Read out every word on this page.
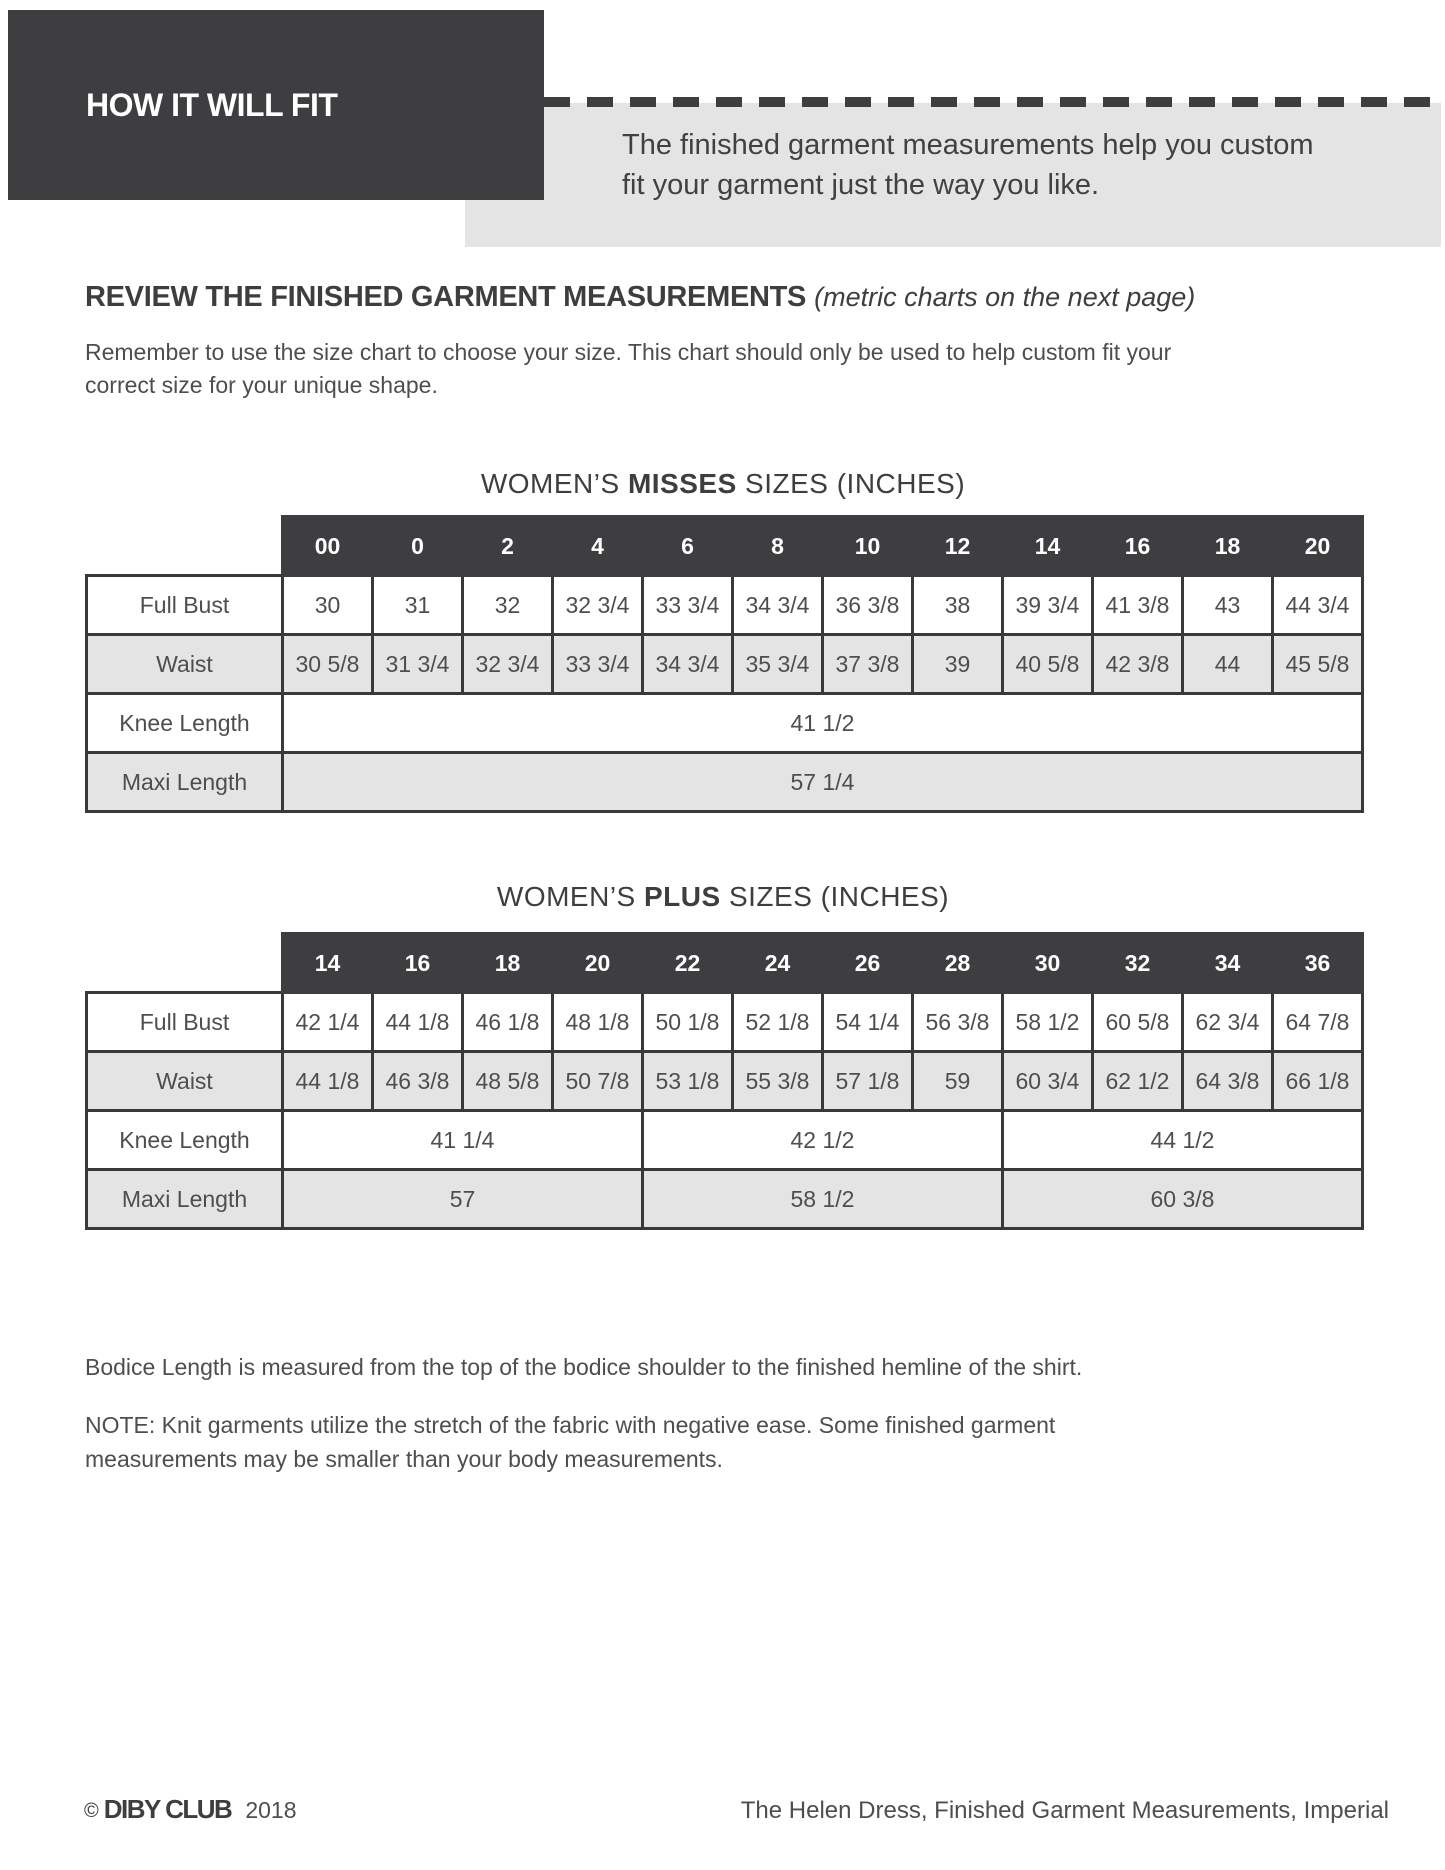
HOW IT WILL FIT
The finished garment measurements help you custom
fit your garment just the way you like.
REVIEW THE FINISHED GARMENT MEASUREMENTS (metric charts on the next page)
Remember to use the size chart to choose your size. This chart should only be used to help custom fit your
correct size for your unique shape.
WOMEN’S MISSES SIZES (INCHES)
	00	0	2	4	6	8	10	12	14	16	18	20
Full Bust	30	31	32	32 3/4	33 3/4	34 3/4	36 3/8	38	39 3/4	41 3/8	43	44 3/4
Waist	30 5/8	31 3/4	32 3/4	33 3/4	34 3/4	35 3/4	37 3/8	39	40 5/8	42 3/8	44	45 5/8
Knee Length	41 1/2											
Maxi Length	57 1/4											
WOMEN’S PLUS SIZES (INCHES)
	14	16	18	20	22	24	26	28	30	32	34	36
Full Bust	42 1/4	44 1/8	46 1/8	48 1/8	50 1/8	52 1/8	54 1/4	56 3/8	58 1/2	60 5/8	62 3/4	64 7/8
Waist	44 1/8	46 3/8	48 5/8	50 7/8	53 1/8	55 3/8	57 1/8	59	60 3/4	62 1/2	64 3/8	66 1/8
Knee Length	41 1/4				42 1/2				44 1/2			
Maxi Length	57				58 1/2				60 3/8			
Bodice Length is measured from the top of the bodice shoulder to the finished hemline of the shirt.
NOTE: Knit garments utilize the stretch of the fabric with negative ease. Some finished garment
measurements may be smaller than your body measurements.
© DIBY CLUB 2018	The Helen Dress, Finished Garment Measurements, Imperial
